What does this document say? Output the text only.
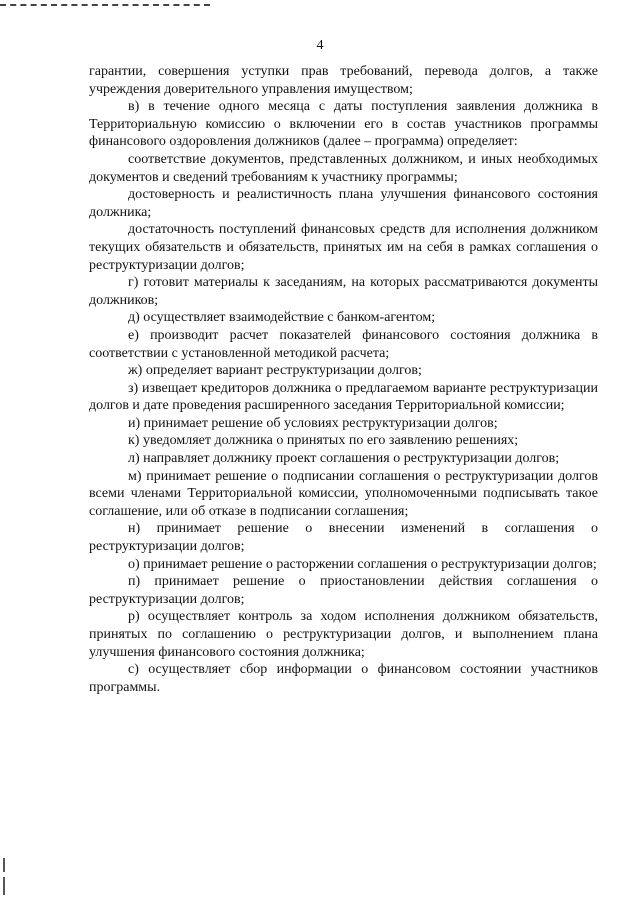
4

гарантии, совершения уступки прав требований, перевода долгов, а также учреждения доверительного управления имуществом;

в) в течение одного месяца с даты поступления заявления должника в Территориальную комиссию о включении его в состав участников программы финансового оздоровления должников (далее – программа) определяет:

соответствие документов, представленных должником, и иных необходимых документов и сведений требованиям к участнику программы;

достоверность и реалистичность плана улучшения финансового состояния должника;

достаточность поступлений финансовых средств для исполнения должником текущих обязательств и обязательств, принятых им на себя в рамках соглашения о реструктуризации долгов;

г) готовит материалы к заседаниям, на которых рассматриваются документы должников;

д) осуществляет взаимодействие с банком-агентом;

е) производит расчет показателей финансового состояния должника в соответствии с установленной методикой расчета;

ж) определяет вариант реструктуризации долгов;

з) извещает кредиторов должника о предлагаемом варианте реструктуризации долгов и дате проведения расширенного заседания Территориальной комиссии;

и) принимает решение об условиях реструктуризации долгов;

к) уведомляет должника о принятых по его заявлению решениях;

л) направляет должнику проект соглашения о реструктуризации долгов;

м) принимает решение о подписании соглашения о реструктуризации долгов всеми членами Территориальной комиссии, уполномоченными подписывать такое соглашение, или об отказе в подписании соглашения;

н) принимает решение о внесении изменений в соглашения о реструктуризации долгов;

о) принимает решение о расторжении соглашения о реструктуризации долгов;

п) принимает решение о приостановлении действия соглашения о реструктуризации долгов;

р) осуществляет контроль за ходом исполнения должником обязательств, принятых по соглашению о реструктуризации долгов, и выполнением плана улучшения финансового состояния должника;

с) осуществляет сбор информации о финансовом состоянии участников программы.
